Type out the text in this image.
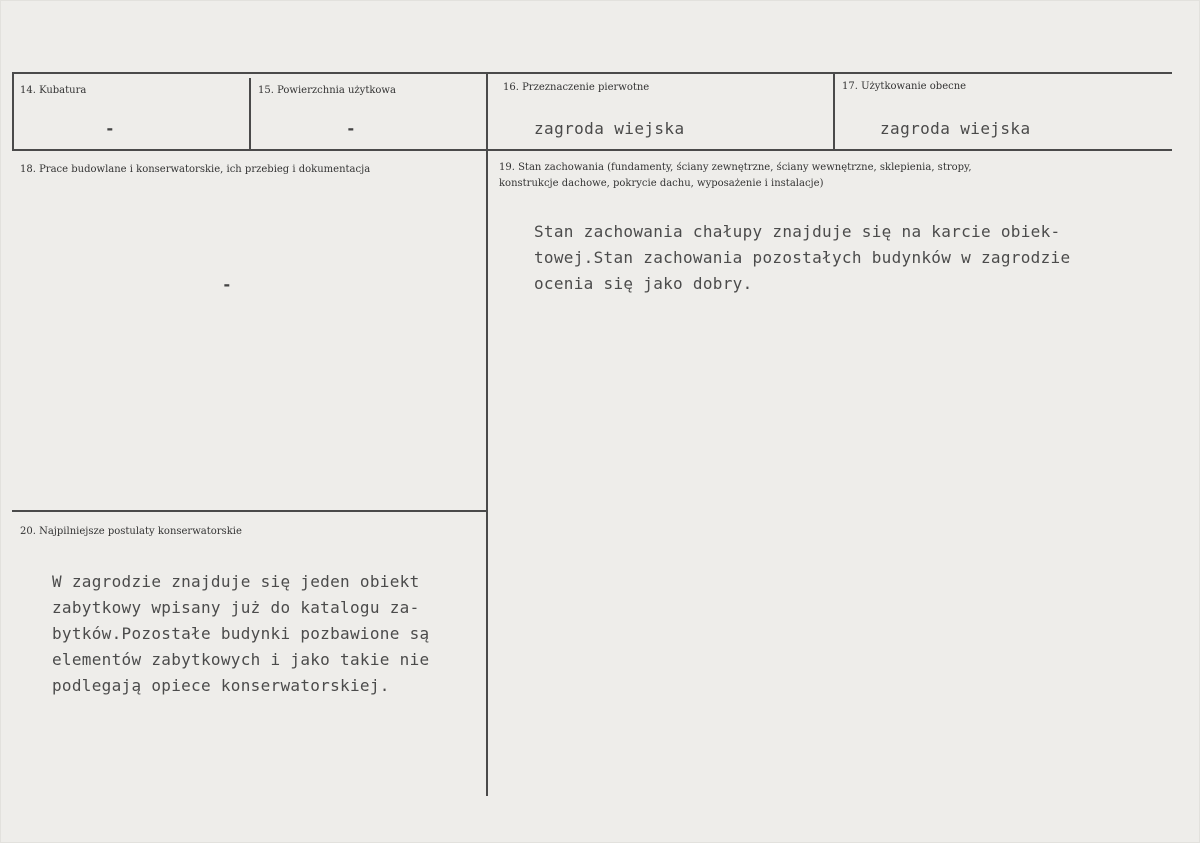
14. Kubatura
-
15. Powierzchnia użytkowa
-
16. Przeznaczenie pierwotne
zagroda wiejska
17. Użytkowanie obecne
zagroda wiejska
18. Prace budowlane i konserwatorskie, ich przebieg i dokumentacja
-
19. Stan zachowania (fundamenty, ściany zewnętrzne, ściany wewnętrzne, sklepienia, stropy,
konstrukcje dachowe, pokrycie dachu, wyposażenie i instalacje)
Stan zachowania chałupy znajduje się na karcie obiek-
towej.Stan zachowania pozostałych budynków w zagrodzie
ocenia się jako dobry.
20. Najpilniejsze postulaty konserwatorskie
W zagrodzie znajduje się jeden obiekt
zabytkowy wpisany już do katalogu za-
bytków.Pozostałe budynki pozbawione są
elementów zabytkowych i jako takie nie
podlegają opiece konserwatorskiej.
